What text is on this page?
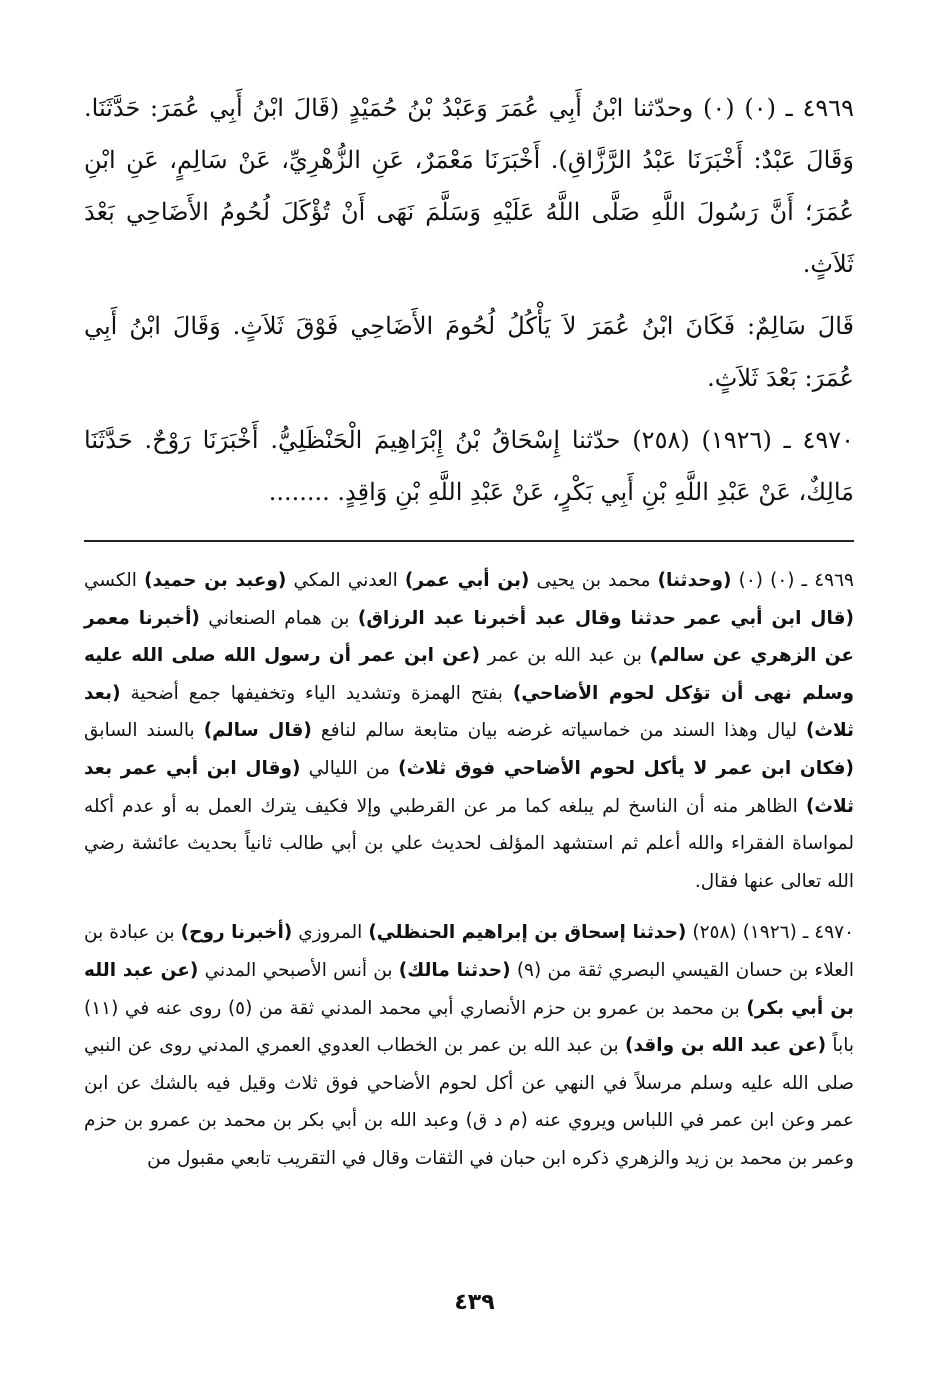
٤٩٦٩ ـ (٠) (٠) وحدّثنا ابْنُ أَبِي عُمَرَ وَعَبْدُ بْنُ حُمَيْدٍ (قَالَ ابْنُ أَبِي عُمَرَ: حَدَّثَنَا. وَقَالَ عَبْدٌ: أَخْبَرَنَا عَبْدُ الرَّزَّاقِ). أَخْبَرَنَا مَعْمَرٌ، عَنِ الزُّهْرِيِّ، عَنْ سَالِمٍ، عَنِ ابْنِ عُمَرَ؛ أَنَّ رَسُولَ اللَّهِ صَلَّى اللَّهُ عَلَيْهِ وَسَلَّمَ نَهَى أَنْ تُؤْكَلَ لُحُومُ الأَضَاحِي بَعْدَ ثَلاَثٍ.

قَالَ سَالِمٌ: فَكَانَ ابْنُ عُمَرَ لاَ يَأْكُلُ لُحُومَ الأَضَاحِي فَوْقَ ثَلاَثٍ. وَقَالَ ابْنُ أَبِي عُمَرَ: بَعْدَ ثَلاَثٍ.

٤٩٧٠ ـ (١٩٢٦) (٢٥٨) حدّثنا إِسْحَاقُ بْنُ إِبْرَاهِيمَ الْحَنْظَلِيُّ. أَخْبَرَنَا رَوْحٌ. حَدَّثَنَا مَالِكٌ، عَنْ عَبْدِ اللَّهِ بْنِ أَبِي بَكْرٍ، عَنْ عَبْدِ اللَّهِ بْنِ وَاقِدٍ. ........

٤٩٦٩ ـ (٠) (٠) (وحدثنا) محمد بن يحيى (بن أبي عمر) العدني المكي (وعبد بن حميد) الكسي (قال ابن أبي عمر حدثنا وقال عبد أخبرنا عبد الرزاق) بن همام الصنعاني (أخبرنا معمر عن الزهري عن سالم) بن عبد الله بن عمر (عن ابن عمر أن رسول الله صلى الله عليه وسلم نهى أن تؤكل لحوم الأضاحي) بفتح الهمزة وتشديد الياء وتخفيفها جمع أضحية (بعد ثلاث) ليال وهذا السند من خماسياته غرضه بيان متابعة سالم لنافع (قال سالم) بالسند السابق (فكان ابن عمر لا يأكل لحوم الأضاحي فوق ثلاث) من الليالي (وقال ابن أبي عمر بعد ثلاث) الظاهر منه أن الناسخ لم يبلغه كما مر عن القرطبي وإلا فكيف يترك العمل به أو عدم أكله لمواساة الفقراء والله أعلم ثم استشهد المؤلف لحديث علي بن أبي طالب ثانياً بحديث عائشة رضي الله تعالى عنها فقال.

٤٩٧٠ ـ (١٩٢٦) (٢٥٨) (حدثنا إسحاق بن إبراهيم الحنظلي) المروزي (أخبرنا روح) بن عبادة بن العلاء بن حسان القيسي البصري ثقة من (٩) (حدثنا مالك) بن أنس الأصبحي المدني (عن عبد الله بن أبي بكر) بن محمد بن عمرو بن حزم الأنصاري أبي محمد المدني ثقة من (٥) روى عنه في (١١) باباً (عن عبد الله بن واقد) بن عبد الله بن عمر بن الخطاب العدوي العمري المدني روى عن النبي صلى الله عليه وسلم مرسلاً في النهي عن أكل لحوم الأضاحي فوق ثلاث وقيل فيه بالشك عن ابن عمر وعن ابن عمر في اللباس ويروي عنه (م د ق) وعبد الله بن أبي بكر بن محمد بن عمرو بن حزم وعمر بن محمد بن زيد والزهري ذكره ابن حبان في الثقات وقال في التقريب تابعي مقبول من

٤٣٩
